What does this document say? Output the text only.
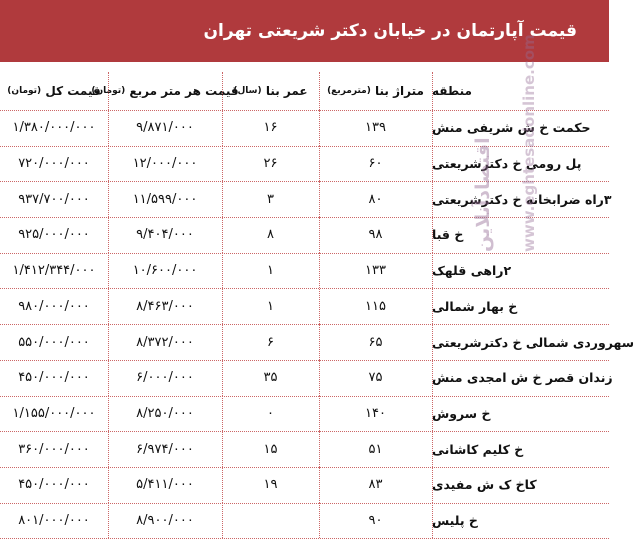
قیمت آپارتمان در خیابان دکتر شریعتی تهران
منطقه
متراژ بنا

(مترمربع)
عمر بنا

(سال)
قیمت هر متر مربع

(تومان)
قیمت کل

(تومان)
حکمت خ ش شریفی منش
۱۳۹
۱۶
۹/۸۷۱/۰۰۰
۱/۳۸۰/۰۰۰/۰۰۰
پل رومی خ دکترشریعتی
۶۰
۲۶
۱۲/۰۰۰/۰۰۰
۷۲۰/۰۰۰/۰۰۰
۳راه ضرابخانه خ دکترشریعتی
۸۰
۳
۱۱/۵۹۹/۰۰۰
۹۳۷/۷۰۰/۰۰۰
خ قبا
۹۸
۸
۹/۴۰۴/۰۰۰
۹۲۵/۰۰۰/۰۰۰
۲راهی قلهک
۱۳۳
۱
۱۰/۶۰۰/۰۰۰
۱/۴۱۲/۳۴۴/۰۰۰
خ بهار شمالی
۱۱۵
۱
۸/۴۶۳/۰۰۰
۹۸۰/۰۰۰/۰۰۰
سهروردی شمالی خ دکترشریعتی
۶۵
۶
۸/۳۷۲/۰۰۰
۵۵۰/۰۰۰/۰۰۰
زندان قصر خ ش امجدی منش
۷۵
۳۵
۶/۰۰۰/۰۰۰
۴۵۰/۰۰۰/۰۰۰
خ سروش
۱۴۰
۰
۸/۲۵۰/۰۰۰
۱/۱۵۵/۰۰۰/۰۰۰
خ کلیم کاشانی
۵۱
۱۵
۶/۹۷۴/۰۰۰
۳۶۰/۰۰۰/۰۰۰
کاخ ک ش مفیدی
۸۳
۱۹
۵/۴۱۱/۰۰۰
۴۵۰/۰۰۰/۰۰۰
خ پلیس
۹۰
۸/۹۰۰/۰۰۰
۸۰۱/۰۰۰/۰۰۰
اقتصادآنلاین www.eghtesadonline.com
